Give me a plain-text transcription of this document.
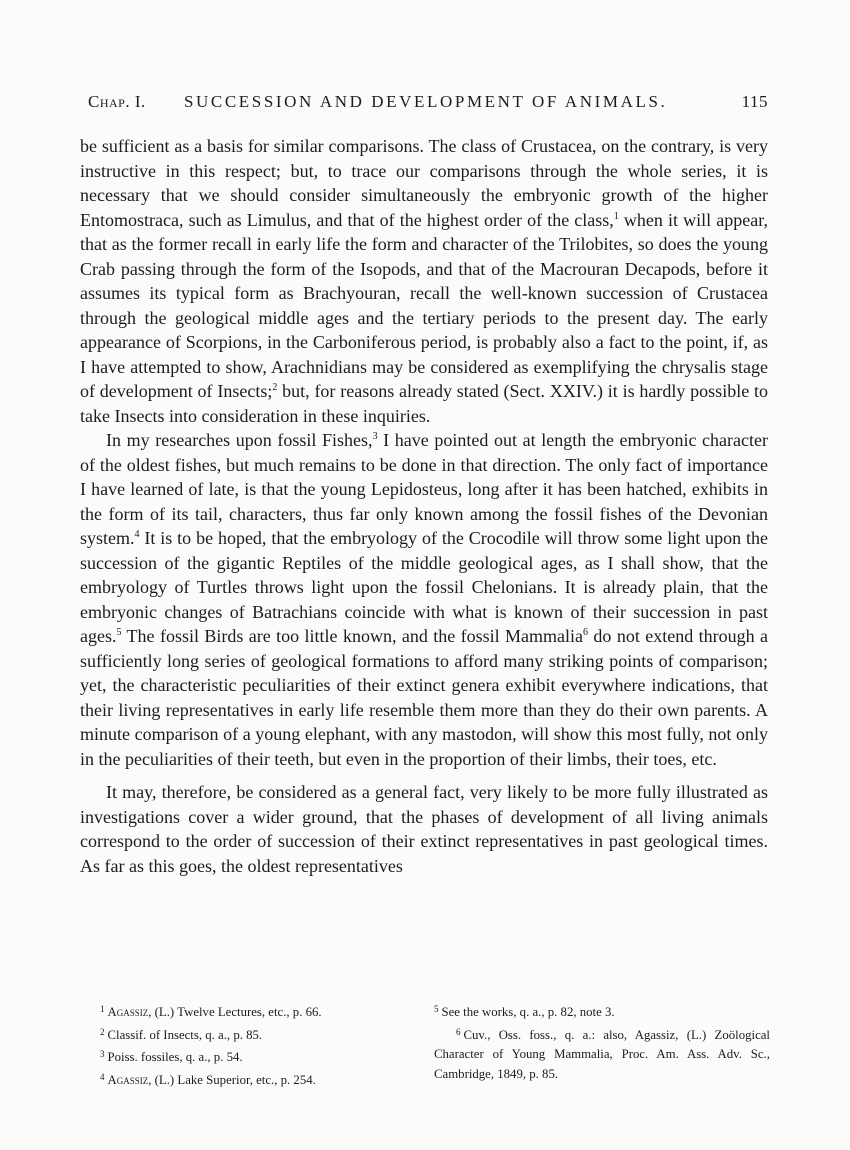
Chap. I. SUCCESSION AND DEVELOPMENT OF ANIMALS.	115

be sufficient as a basis for similar comparisons. The class of Crustacea, on the contrary, is very instructive in this respect; but, to trace our comparisons through the whole series, it is necessary that we should consider simultaneously the embryonic growth of the higher Entomostraca, such as Limulus, and that of the highest order of the class,$^1$ when it will appear, that as the former recall in early life the form and character of the Trilobites, so does the young Crab passing through the form of the Isopods, and that of the Macrouran Decapods, before it assumes its typical form as Brachyouran, recall the well-known succession of Crustacea through the geological middle ages and the tertiary periods to the present day. The early appearance of Scorpions, in the Carboniferous period, is probably also a fact to the point, if, as I have attempted to show, Arachnidians may be considered as exemplifying the chrysalis stage of development of Insects;$^2$ but, for reasons already stated (Sect. XXIV.) it is hardly possible to take Insects into consideration in these inquiries.

In my researches upon fossil Fishes,$^3$ I have pointed out at length the embryonic character of the oldest fishes, but much remains to be done in that direction. The only fact of importance I have learned of late, is that the young Lepidosteus, long after it has been hatched, exhibits in the form of its tail, characters, thus far only known among the fossil fishes of the Devonian system.$^4$ It is to be hoped, that the embryology of the Crocodile will throw some light upon the succession of the gigantic Reptiles of the middle geological ages, as I shall show, that the embryology of Turtles throws light upon the fossil Chelonians. It is already plain, that the embryonic changes of Batrachians coincide with what is known of their succession in past ages.$^5$ The fossil Birds are too little known, and the fossil Mammalia$^6$ do not extend through a sufficiently long series of geological formations to afford many striking points of comparison; yet, the characteristic peculiarities of their extinct genera exhibit everywhere indications, that their living representatives in early life resemble them more than they do their own parents. A minute comparison of a young elephant, with any mastodon, will show this most fully, not only in the peculiarities of their teeth, but even in the proportion of their limbs, their toes, etc.

It may, therefore, be considered as a general fact, very likely to be more fully illustrated as investigations cover a wider ground, that the phases of development of all living animals correspond to the order of succession of their extinct representatives in past geological times. As far as this goes, the oldest representatives

$^1$ Agassiz, (L.) Twelve Lectures, etc., p. 66.
$^2$ Classif. of Insects, q. a., p. 85.
$^3$ Poiss. fossiles, q. a., p. 54.
$^4$ Agassiz, (L.) Lake Superior, etc., p. 254.
$^5$ See the works, q. a., p. 82, note 3.
$^6$ Cuv., Oss. foss., q. a.: also, Agassiz, (L.) Zoölogical Character of Young Mammalia, Proc. Am. Ass. Adv. Sc., Cambridge, 1849, p. 85.
